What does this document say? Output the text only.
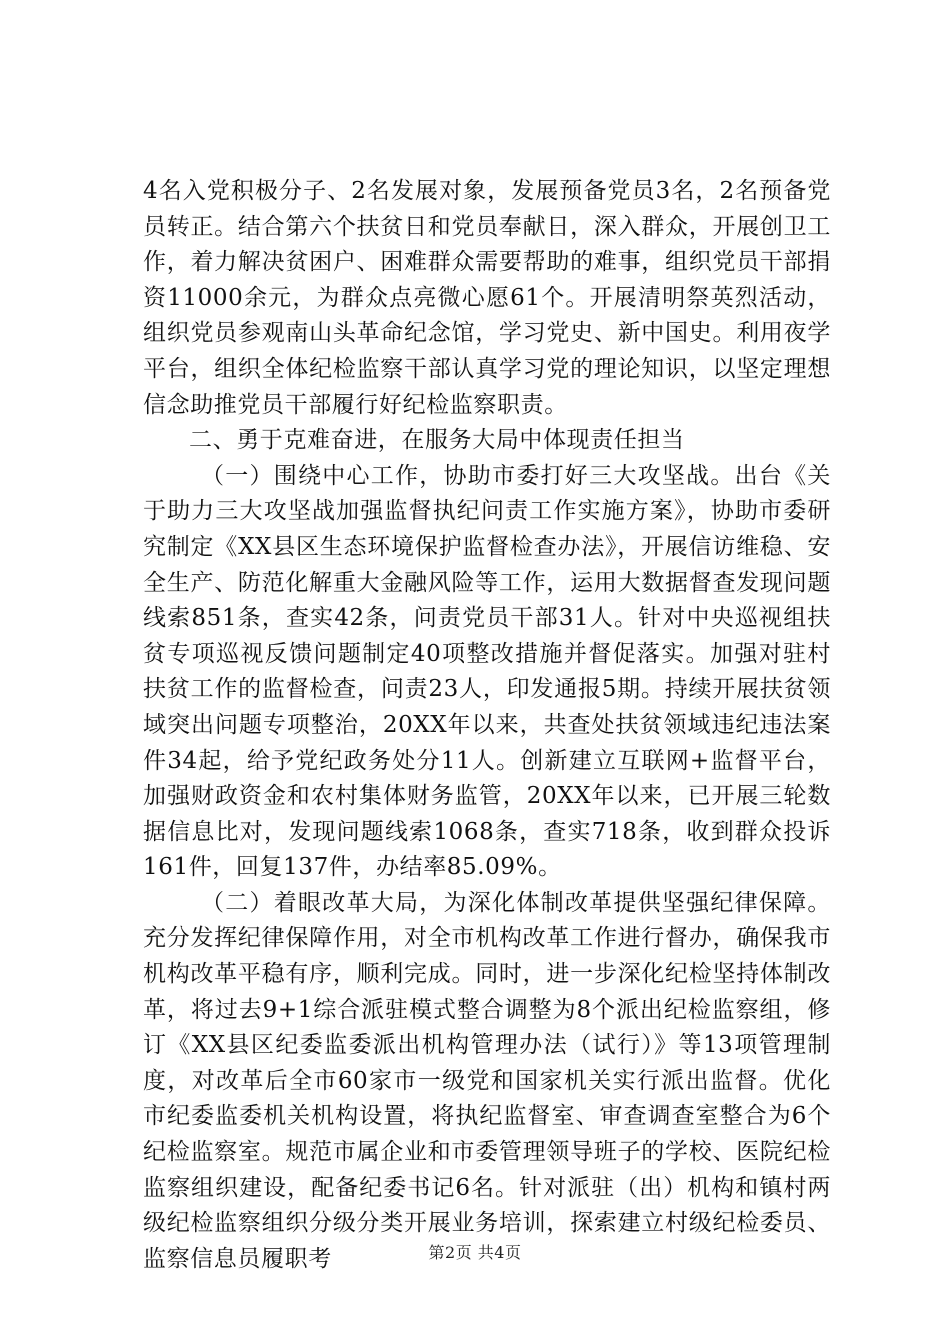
4名入党积极分子、2名发展对象，发展预备党员3名，2名预备党员转正。结合第六个扶贫日和党员奉献日，深入群众，开展创卫工作，着力解决贫困户、困难群众需要帮助的难事，组织党员干部捐资11000余元，为群众点亮微心愿61个。开展清明祭英烈活动，组织党员参观南山头革命纪念馆，学习党史、新中国史。利用夜学平台，组织全体纪检监察干部认真学习党的理论知识，以坚定理想信念助推党员干部履行好纪检监察职责。

二、勇于克难奋进，在服务大局中体现责任担当

（一）围绕中心工作，协助市委打好三大攻坚战。出台《关于助力三大攻坚战加强监督执纪问责工作实施方案》，协助市委研究制定《XX县区生态环境保护监督检查办法》，开展信访维稳、安全生产、防范化解重大金融风险等工作，运用大数据督查发现问题线索851条，查实42条，问责党员干部31人。针对中央巡视组扶贫专项巡视反馈问题制定40项整改措施并督促落实。加强对驻村扶贫工作的监督检查，问责23人，印发通报5期。持续开展扶贫领域突出问题专项整治，20XX年以来，共查处扶贫领域违纪违法案件34起，给予党纪政务处分11人。创新建立互联网+监督平台，加强财政资金和农村集体财务监管，20XX年以来，已开展三轮数据信息比对，发现问题线索1068条，查实718条，收到群众投诉161件，回复137件，办结率85.09%。

（二）着眼改革大局，为深化体制改革提供坚强纪律保障。充分发挥纪律保障作用，对全市机构改革工作进行督办，确保我市机构改革平稳有序，顺利完成。同时，进一步深化纪检坚持体制改革，将过去9+1综合派驻模式整合调整为8个派出纪检监察组，修订《XX县区纪委监委派出机构管理办法（试行）》等13项管理制度，对改革后全市60家市一级党和国家机关实行派出监督。优化市纪委监委机关机构设置，将执纪监督室、审查调查室整合为6个纪检监察室。规范市属企业和市委管理领导班子的学校、医院纪检监察组织建设，配备纪委书记6名。针对派驻（出）机构和镇村两级纪检监察组织分级分类开展业务培训，探索建立村级纪检委员、监察信息员履职考	第2页 共4页
